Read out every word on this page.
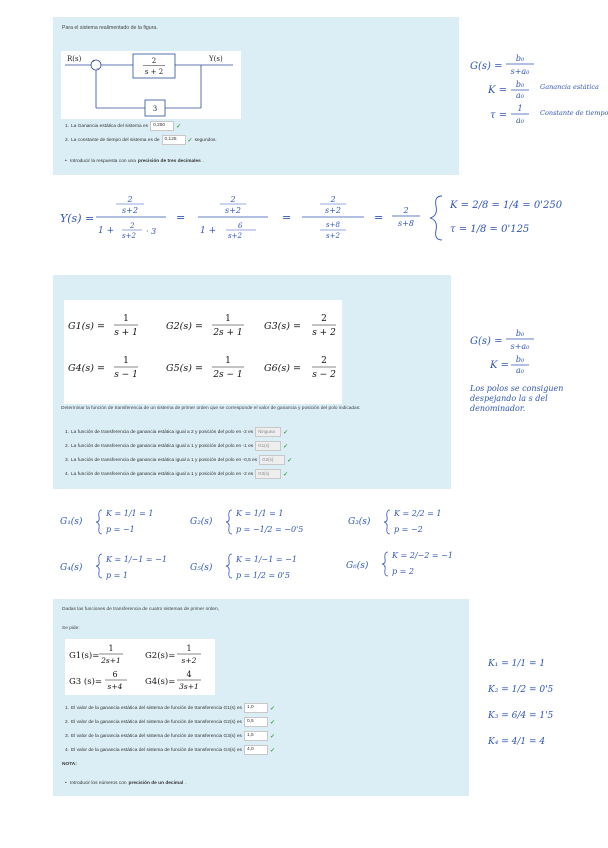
Para el sistema realimentado de la figura.
R(s)	+
−
2
s + 2
Y(s)
3
1. La Ganancia estática del sistema es	0,250	✓
2. La constante de tiempo del sistema es de	0,125	✓ segundos.
• Introducir la respuesta con una precisión de tres decimales .
G(s) =
b₀
s+a₀
K =
b₀
a₀
Ganancia estática
τ =
1
a₀
Constante de tiempo
Y(s) =
2
s+2
1 + 2
s+2 · 3
=
2
s+2
1 +	6
s+2
=
2
s+2
s+8
s+2
=
2
s+8
K = 2/8 = 1/4 = 0'250
τ = 1/8 = 0'125
G1(s) =
1
s + 1
G2(s) =
1
2s + 1
G3(s) =
2
s + 2
G4(s) =
1
s − 1
G5(s) =
1
2s − 1
G6(s) =
2
s − 2
Determinar la función de transferencia de un sistema de primer orden que se corresponde el valor de ganancia y posición del polo indicadas:
1. La función de transferencia de ganancia estática igual a 2 y posición del polo en -2 es	Ninguna	✓
2. La función de transferencia de ganancia estática igual a 1 y posición del polo en -1 es	G1(s)	✓
3. La función de transferencia de ganancia estática igual a 1 y posición del polo en -0,5 es	G2(s)	✓
4. La función de transferencia de ganancia estática igual a 1 y posición del polo en -2 es	G3(s)	✓
G(s) =
b₀
s+a₀
K =
b₀
a₀
Los polos se consiguen despejando la s del denominador.
G₁(s)
K = 1/1 = 1
p = −1
G₂(s)
K = 1/1 = 1
p = −1/2 = −0'5
G₃(s)
K = 2/2 = 1
p = −2
G₄(s)
K = 1/−1 = −1
p = 1
G₅(s)
K = 1/−1 = −1
p = 1/2 = 0'5
G₆(s)
K = 2/−2 = −1
p = 2
Dadas las funciones de transferencia de cuatro sistemas de primer orden,
Se pide:
G1(s)=
1
2s+1	G2(s)=
1
s+2
G3 (s)=
6
s+4	G4(s)=
4
3s+1
1. El valor de la ganancia estática del sistema de función de transferencia G1(s) es	1,0	✓
2. El valor de la ganancia estática del sistema de función de transferencia G2(s) es	0,5	✓
3. El valor de la ganancia estática del sistema de función de transferencia G3(s) es	1,5	✓
4. El valor de la ganancia estática del sistema de función de transferencia G4(s) es	4,0	✓
NOTA:
• Introducir los números con precisión de un decimal .
K₁ = 1/1 = 1
K₂ = 1/2 = 0'5
K₃ = 6/4 = 1'5
K₄ = 4/1 = 4
